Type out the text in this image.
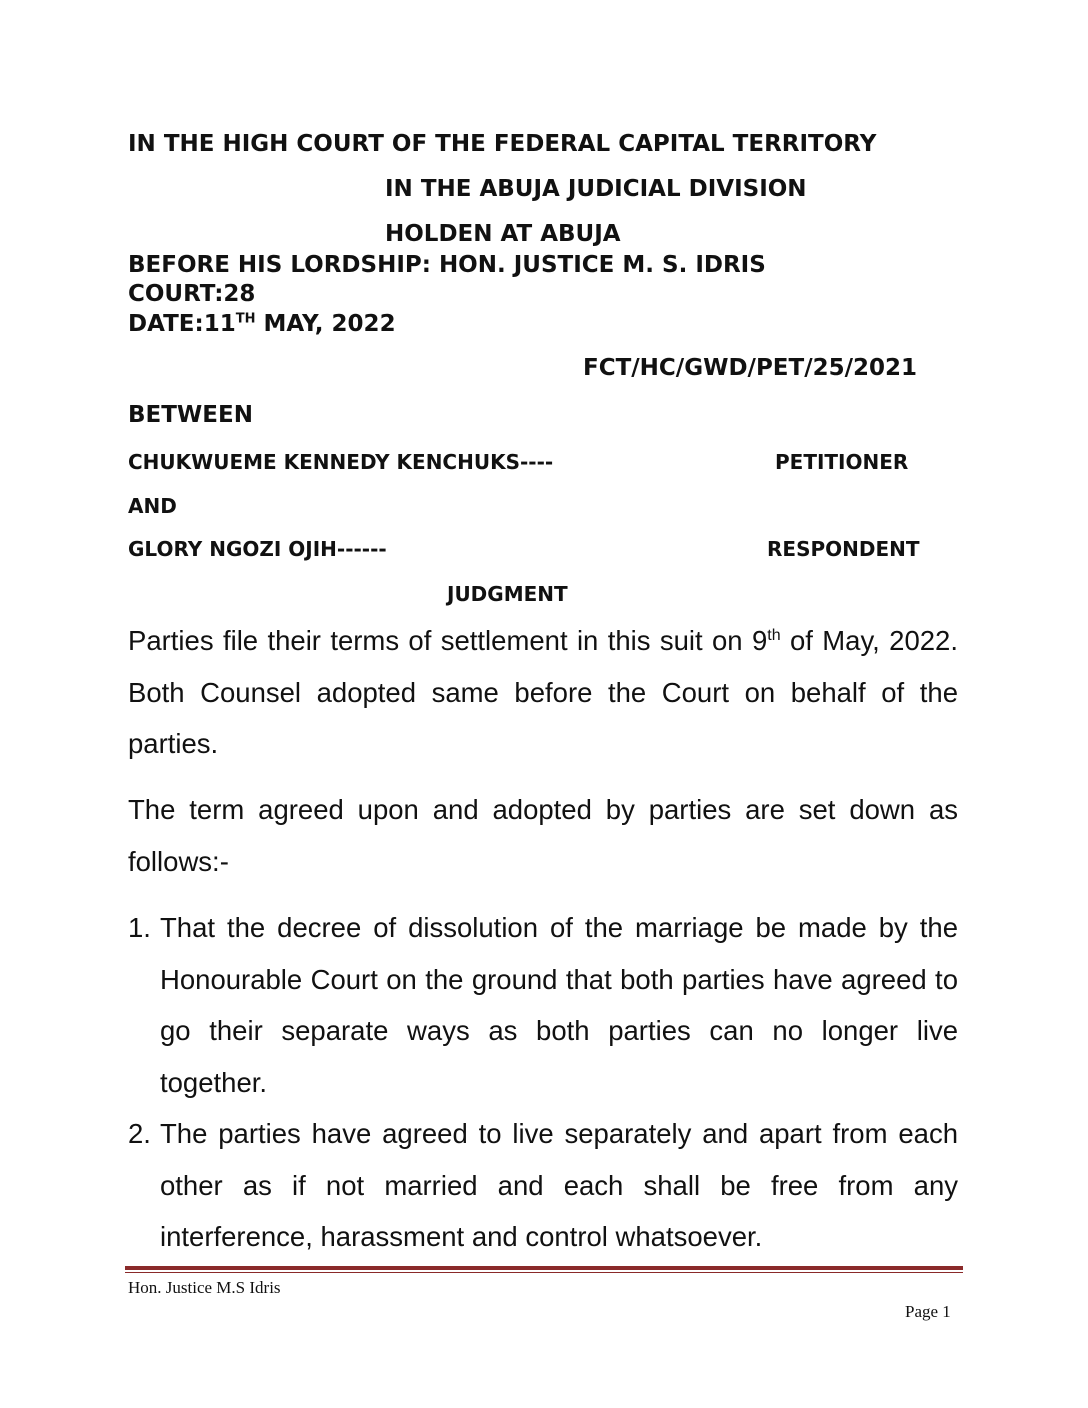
IN THE HIGH COURT OF THE FEDERAL CAPITAL TERRITORY

IN THE ABUJA JUDICIAL DIVISION

HOLDEN AT ABUJA

BEFORE HIS LORDSHIP: HON. JUSTICE M. S. IDRIS

COURT:28

DATE:11TH MAY, 2022

FCT/HC/GWD/PET/25/2021

BETWEEN

CHUKWUEME KENNEDY KENCHUKS----	PETITIONER

AND

GLORY NGOZI OJIH------	RESPONDENT

JUDGMENT

Parties file their terms of settlement in this suit on 9th of May, 2022. Both Counsel adopted same before the Court on behalf of the parties.

The term agreed upon and adopted by parties are set down as follows:-

1. That the decree of dissolution of the marriage be made by the Honourable Court on the ground that both parties have agreed to go their separate ways as both parties can no longer live together.
2. The parties have agreed to live separately and apart from each other as if not married and each shall be free from any interference, harassment and control whatsoever.
Hon. Justice M.S Idris
Page 1
